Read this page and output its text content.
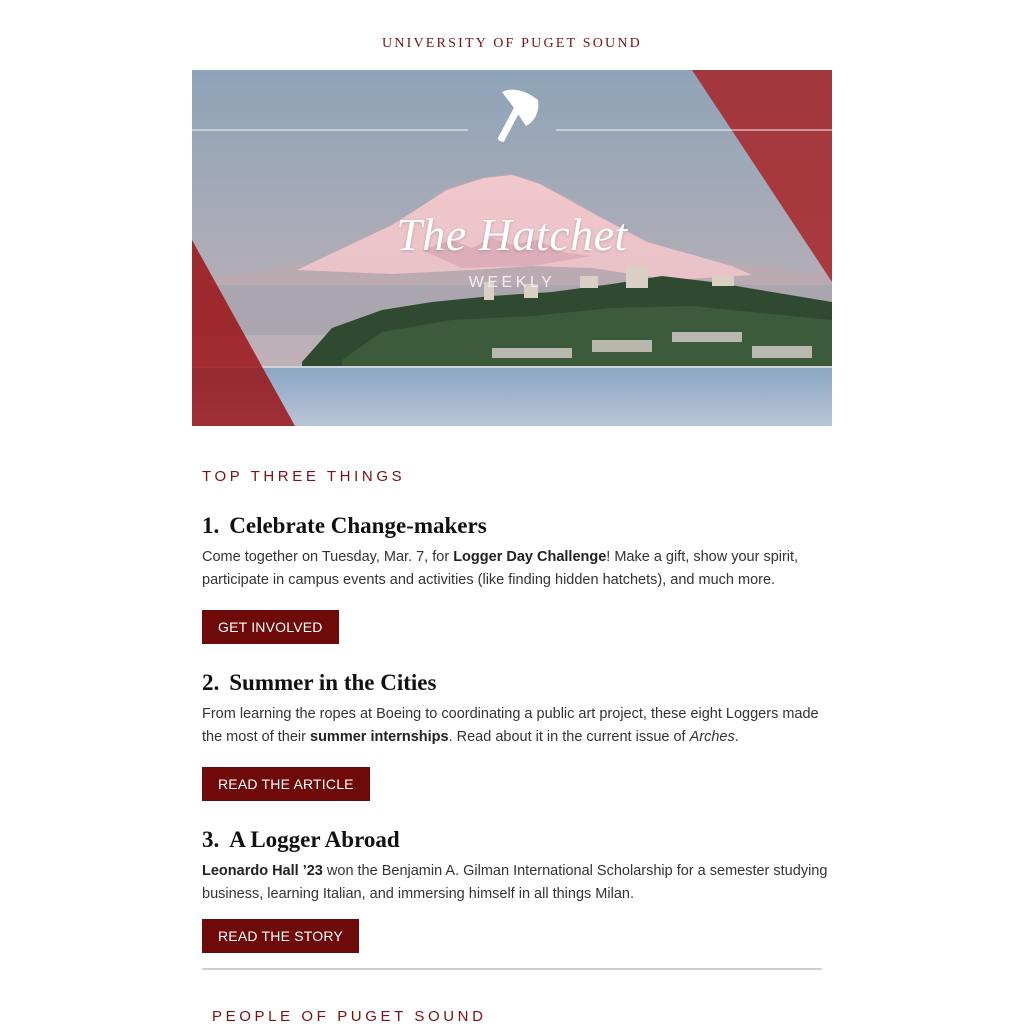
UNIVERSITY OF PUGET SOUND
The Hatchet
WEEKLY
TOP THREE THINGS
1. Celebrate Change-makers

Come together on Tuesday, Mar. 7, for Logger Day Challenge! Make a gift, show your spirit, participate in campus events and activities (like finding hidden hatchets), and much more.

GET INVOLVED
2. Summer in the Cities

From learning the ropes at Boeing to coordinating a public art project, these eight Loggers made the most of their summer internships. Read about it in the current issue of Arches.

READ THE ARTICLE
3. A Logger Abroad

Leonardo Hall ’23 won the Benjamin A. Gilman International Scholarship for a semester studying business, learning Italian, and immersing himself in all things Milan.

READ THE STORY
PEOPLE OF PUGET SOUND
